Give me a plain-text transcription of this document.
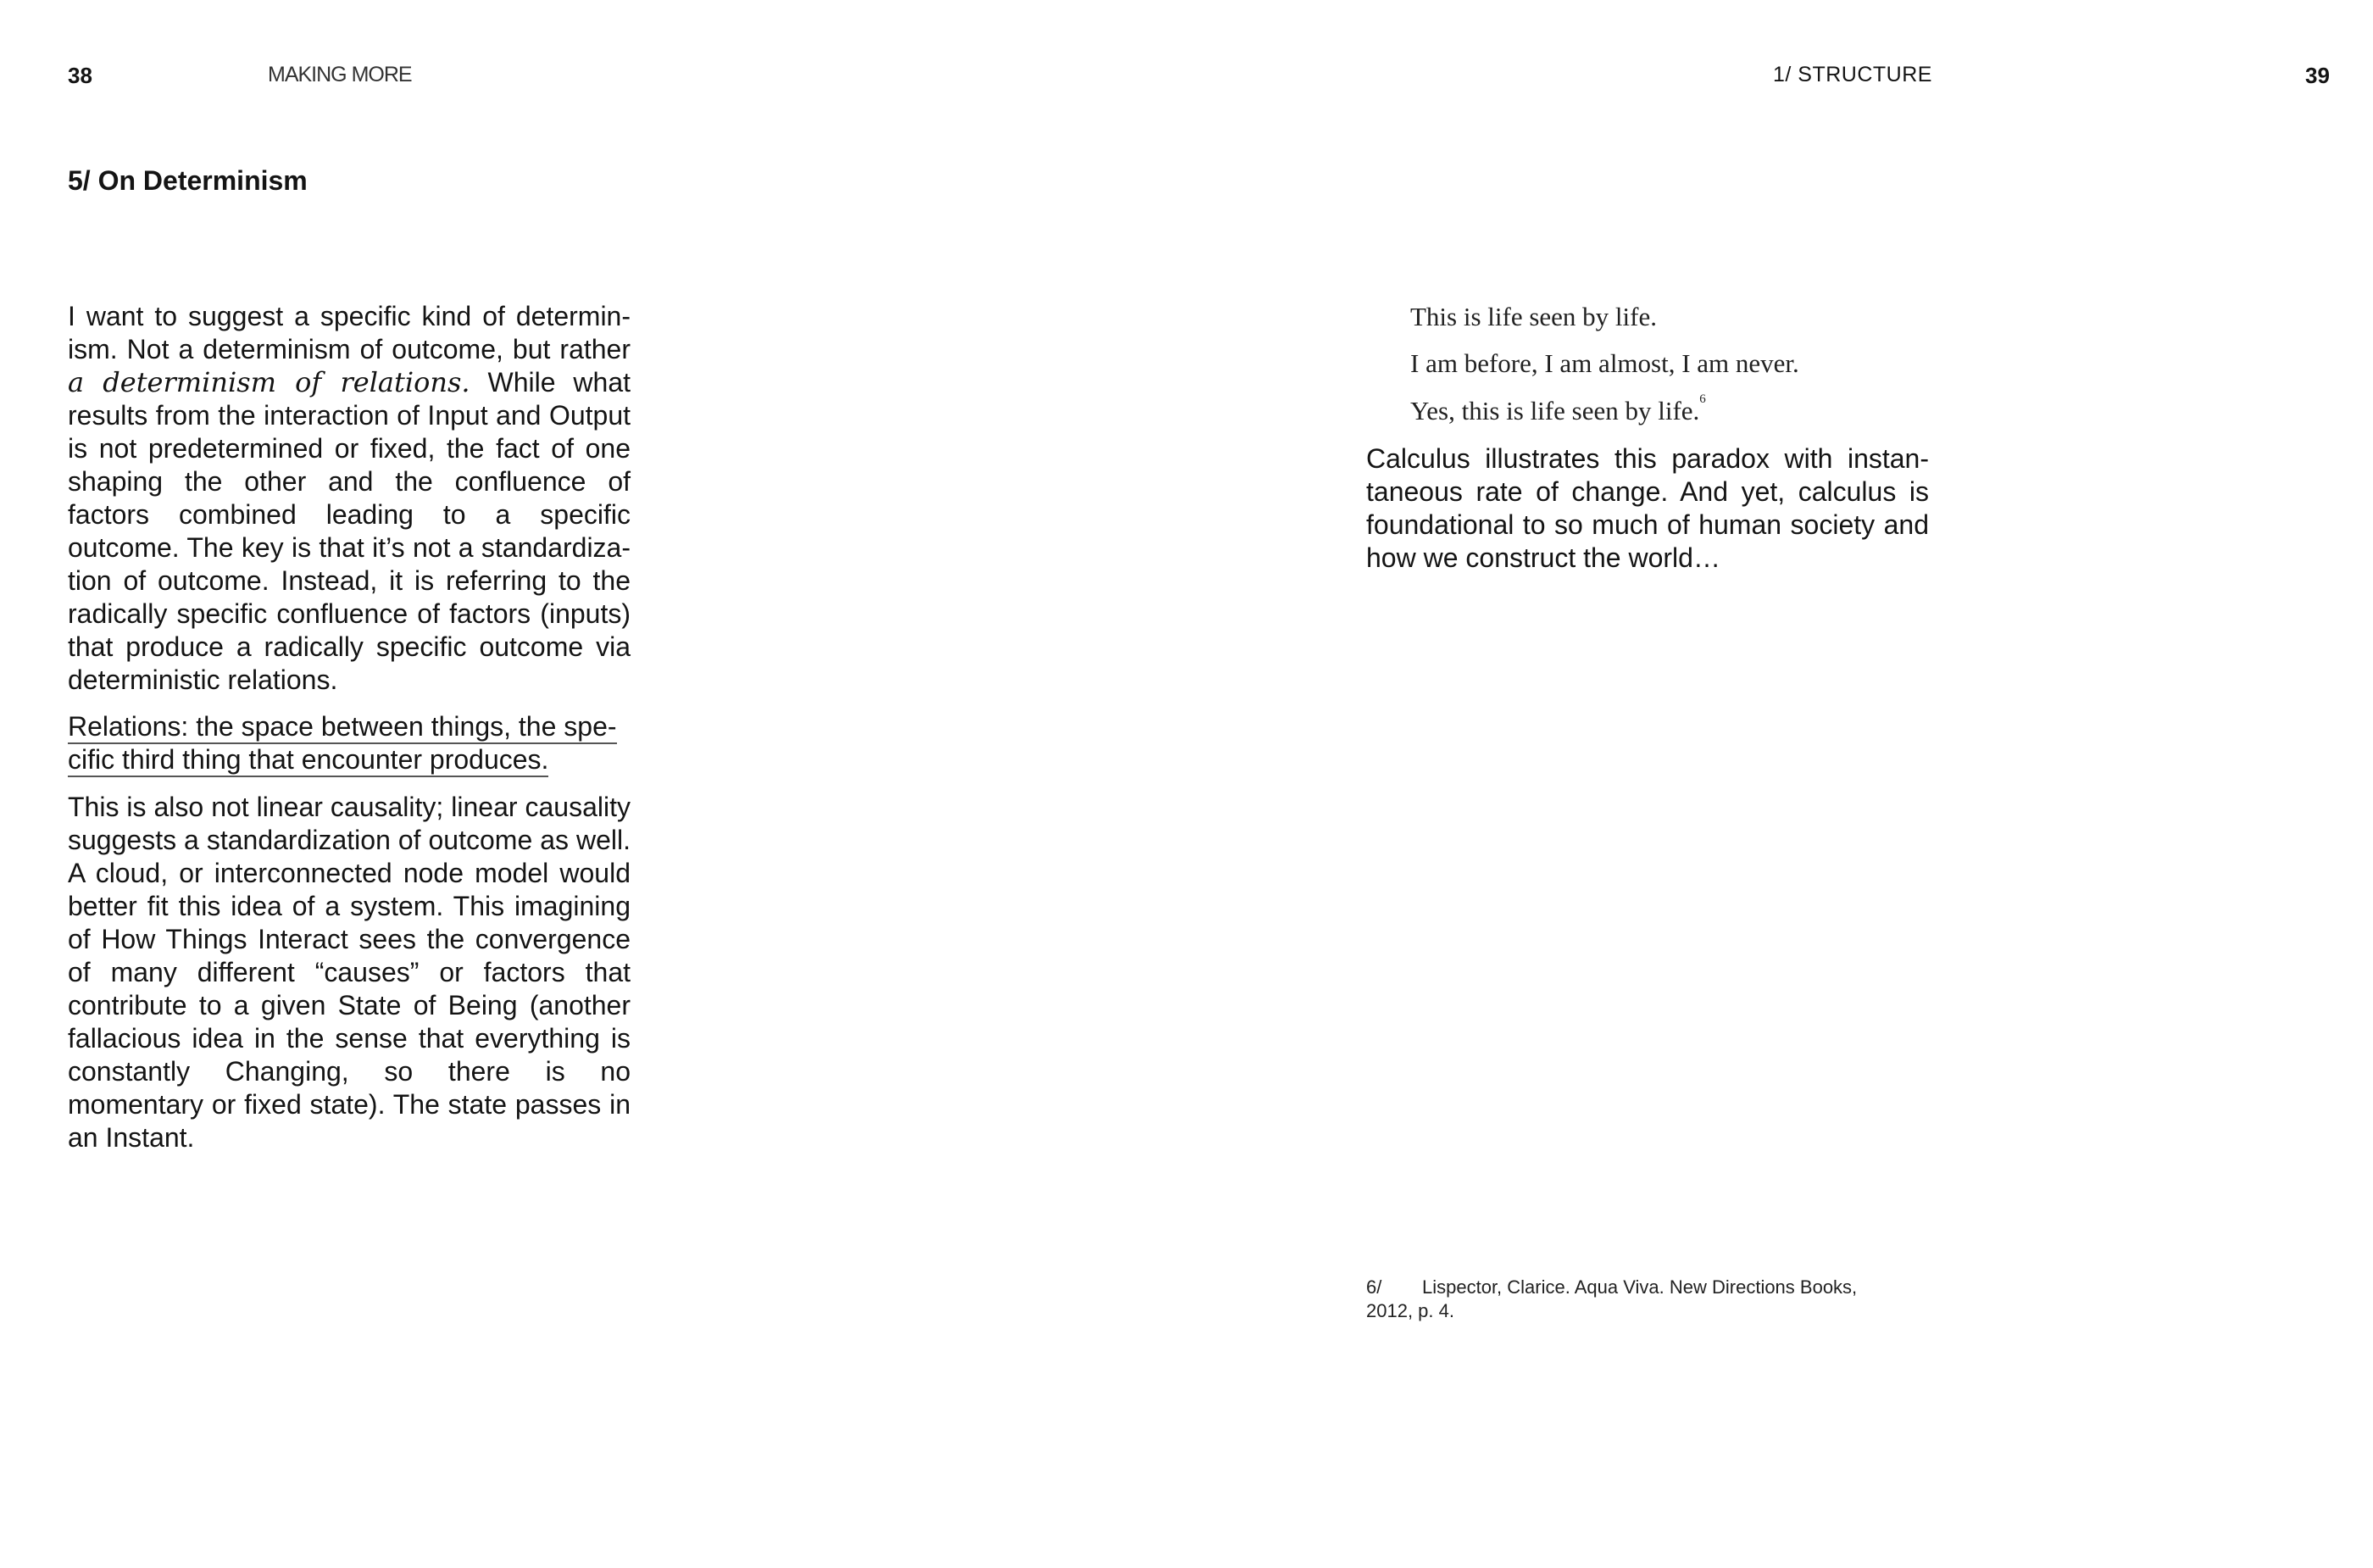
38	MAKING MORE	1/ STRUCTURE	39
5/ On Determinism

I want to suggest a specific kind of determinism. Not a determinism of outcome, but rather a determinism of relations. While what results from the interaction of Input and Output is not predetermined or fixed, the fact of one shaping the other and the confluence of factors combined leading to a specific outcome. The key is that it’s not a standardization of outcome. Instead, it is referring to the radically specific confluence of factors (inputs) that produce a radically specific outcome via deterministic relations.

Relations: the space between things, the spe-
cific third thing that encounter produces.

This is also not linear causality; linear causality suggests a standardization of outcome as well. A cloud, or interconnected node model would better fit this idea of a system. This imagining of How Things Interact sees the convergence of many different “causes” or factors that contribute to a given State of Being (another fallacious idea in the sense that everything is constantly Changing, so there is no momentary or fixed state). The state passes in an Instant.

This is life seen by life.
I am before, I am almost, I am never.
Yes, this is life seen by life.$^6$

Calculus illustrates this paradox with instantaneous rate of change. And yet, calculus is foundational to so much of human society and how we construct the world…

6/ Lispector, Clarice. Aqua Viva. New Directions Books,
2012, p. 4.
